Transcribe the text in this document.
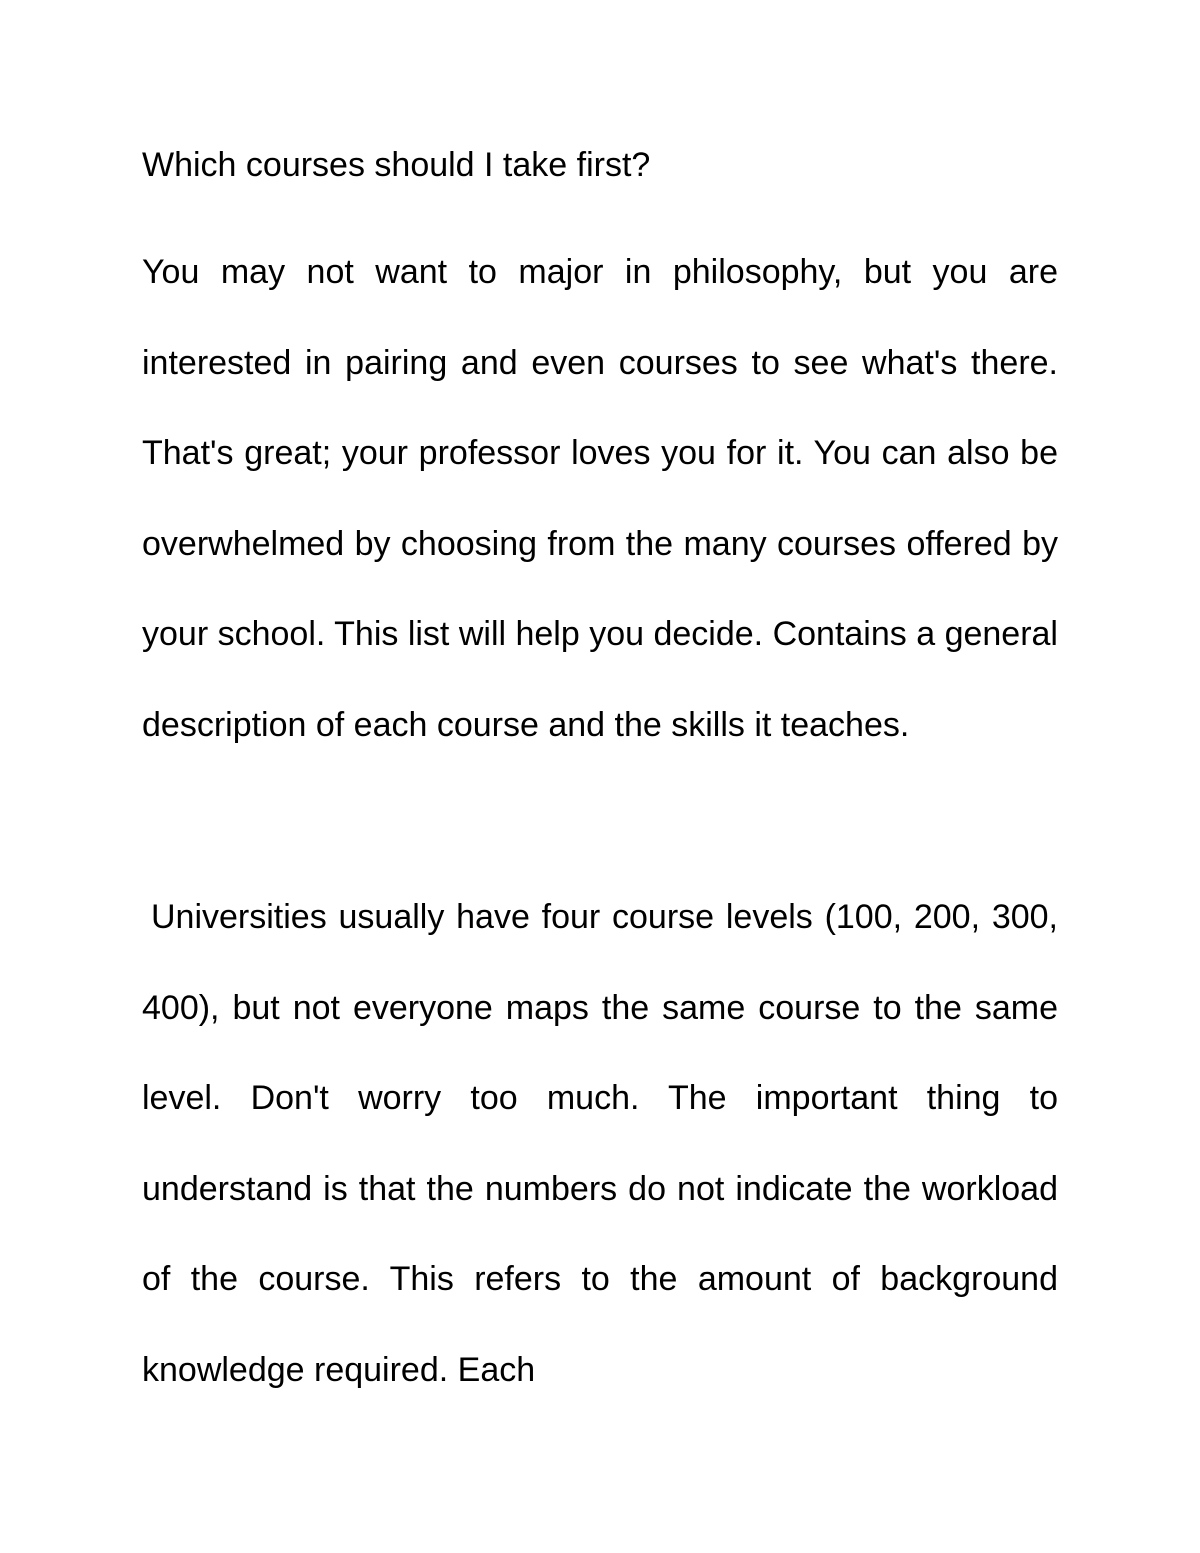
Which courses should I take first?

You may not want to major in philosophy, but you are interested in pairing and even courses to see what's there. That's great; your professor loves you for it. You can also be overwhelmed by choosing from the many courses offered by your school. This list will help you decide. Contains a general description of each course and the skills it teaches.

Universities usually have four course levels (100, 200, 300, 400), but not everyone maps the same course to the same level. Don't worry too much. The important thing to understand is that the numbers do not indicate the workload of the course. This refers to the amount of background knowledge required. Each
